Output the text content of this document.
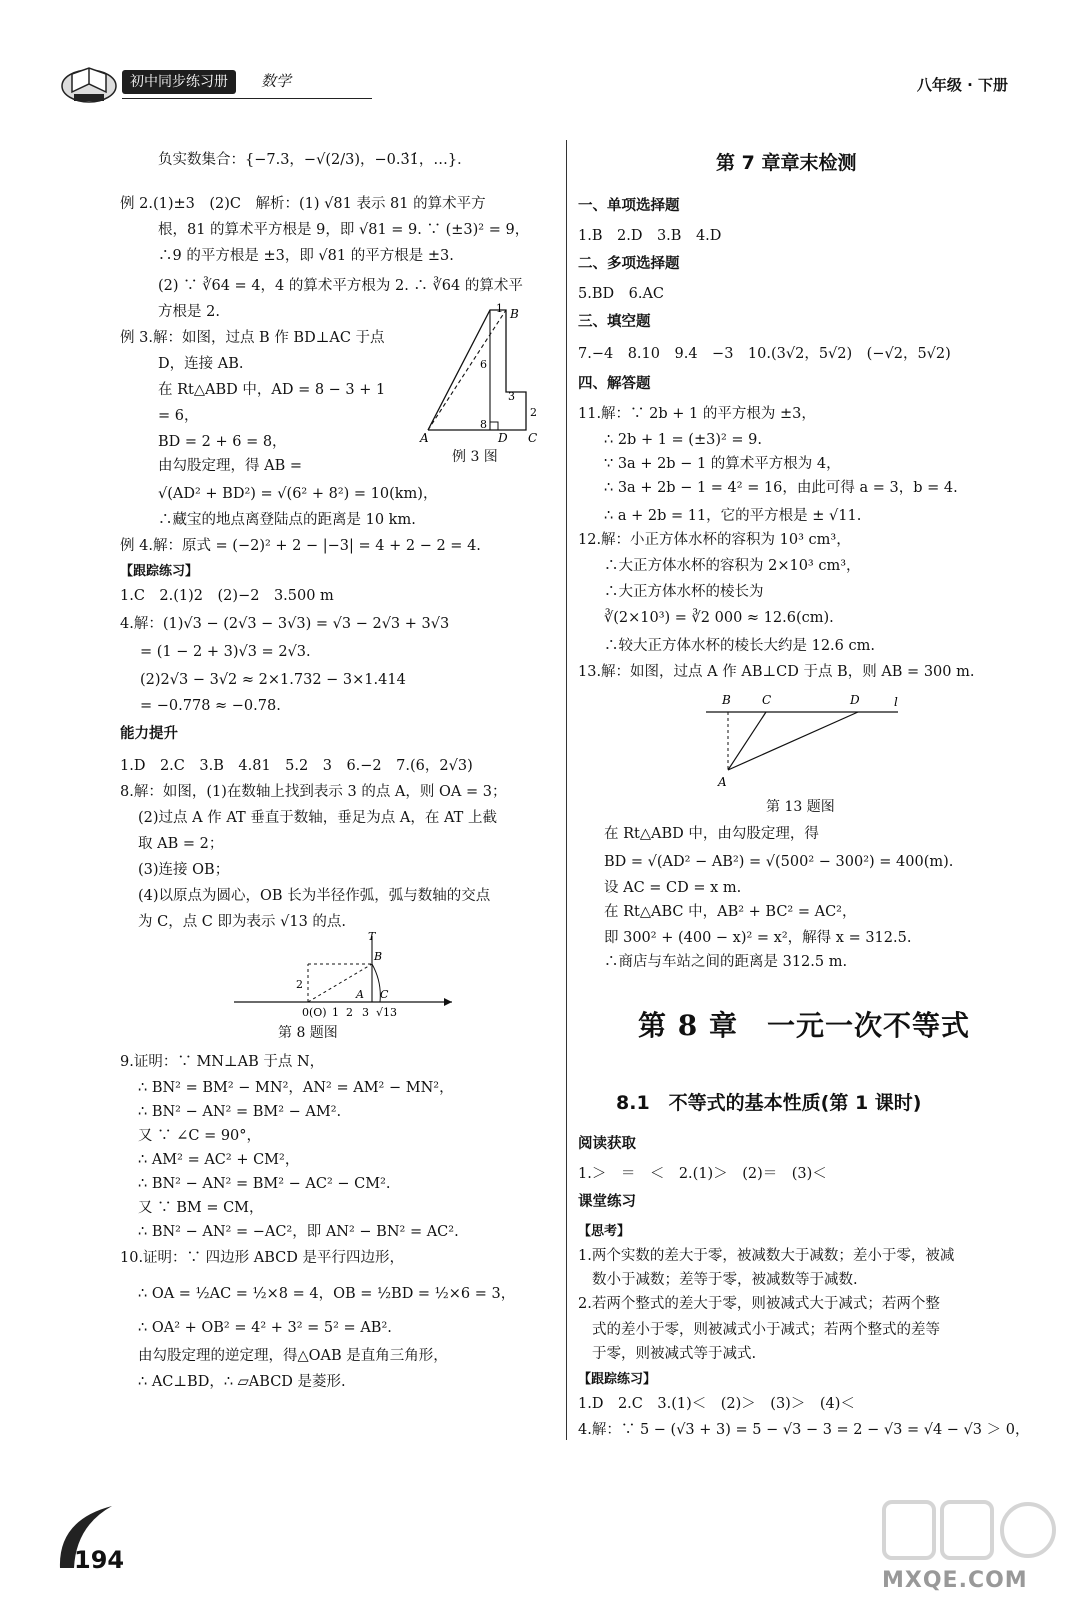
初中同步练习册	数学	八年级 · 下册
负实数集合：{−7.3，−√(2/3)，−0.3̇1̇，…}．
例 2.(1)±3　(2)C　解析：(1) √81 表示 81 的算术平方
根，81 的算术平方根是 9，即 √81 = 9. ∵ (±3)² = 9，
∴9 的平方根是 ±3，即 √81 的平方根是 ±3.
(2) ∵ ∛64 = 4，4 的算术平方根为 2. ∴ ∛64 的算术平
方根是 2.
例 3.解：如图，过点 B 作 BD⊥AC 于点
D，连接 AB.
在 Rt△ABD 中，AD = 8 − 3 + 1
= 6，
BD = 2 + 6 = 8，
由勾股定理，得 AB =
√(AD² + BD²) = √(6² + 8²) = 10(km)，
∴藏宝的地点离登陆点的距离是 10 km.
例 4.解：原式 = (−2)² + 2 − |−3| = 4 + 2 − 2 = 4.
【跟踪练习】
1.C　2.(1)2　(2)−2　3.500 m
4.解：(1)√3 − (2√3 − 3√3) = √3 − 2√3 + 3√3
= (1 − 2 + 3)√3 = 2√3.
(2)2√3 − 3√2 ≈ 2×1.732 − 3×1.414
= −0.778 ≈ −0.78.
能力提升
1.D　2.C　3.B　4.81　5.2　3　6.−2　7.(6，2√3)
8.解：如图，(1)在数轴上找到表示 3 的点 A，则 OA = 3；
(2)过点 A 作 AT 垂直于数轴，垂足为点 A，在 AT 上截
取 AB = 2；
(3)连接 OB；
(4)以原点为圆心，OB 长为半径作弧，弧与数轴的交点
为 C，点 C 即为表示 √13 的点.
9.证明：∵ MN⊥AB 于点 N，
∴ BN² = BM² − MN²，AN² = AM² − MN²，
∴ BN² − AN² = BM² − AM².
又 ∵ ∠C = 90°，
∴ AM² = AC² + CM²，
∴ BN² − AN² = BM² − AC² − CM².
又 ∵ BM = CM，
∴ BN² − AN² = −AC²，即 AN² − BN² = AC².
10.证明：∵ 四边形 ABCD 是平行四边形，
∴ OA = ½AC = ½×8 = 4，OB = ½BD = ½×6 = 3，
∴ OA² + OB² = 4² + 3² = 5² = AB².
由勾股定理的逆定理，得△OAB 是直角三角形，
∴ AC⊥BD，∴ ▱ABCD 是菱形.
B
A	D C
6
3
8
2
1
例 3 图
T
B
2
0(O) 1 2
A
3
C
√13
第 8 题图
第 7 章章末检测
一、单项选择题
1.B　2.D　3.B　4.D
二、多项选择题
5.BD　6.AC
三、填空题
7.−4　8.10　9.4　−3　10.(3√2，5√2)　(−√2，5√2)
四、解答题
11.解：∵ 2b + 1 的平方根为 ±3，
∴ 2b + 1 = (±3)² = 9.
∵ 3a + 2b − 1 的算术平方根为 4，
∴ 3a + 2b − 1 = 4² = 16，由此可得 a = 3，b = 4.
∴ a + 2b = 11，它的平方根是 ± √11.
12.解：小正方体水杯的容积为 10³ cm³，
∴大正方体水杯的容积为 2×10³ cm³，
∴大正方体水杯的棱长为
∛(2×10³) = ∛2 000 ≈ 12.6(cm).
∴较大正方体水杯的棱长大约是 12.6 cm.
13.解：如图，过点 A 作 AB⊥CD 于点 B，则 AB = 300 m.
B	C	D	l
A
第 13 题图
在 Rt△ABD 中，由勾股定理，得
BD = √(AD² − AB²) = √(500² − 300²) = 400(m).
设 AC = CD = x m.
在 Rt△ABC 中，AB² + BC² = AC²，
即 300² + (400 − x)² = x²，解得 x = 312.5.
∴商店与车站之间的距离是 312.5 m.
第 8 章　一元一次不等式
8.1　不等式的基本性质(第 1 课时)
阅读获取
1.＞　＝　＜　2.(1)＞　(2)＝　(3)＜
课堂练习
【思考】
1.两个实数的差大于零，被减数大于减数；差小于零，被减
数小于减数；差等于零，被减数等于减数.
2.若两个整式的差大于零，则被减式大于减式；若两个整
式的差小于零，则被减式小于减式；若两个整式的差等
于零，则被减式等于减式.
【跟踪练习】
1.D　2.C　3.(1)＜　(2)＞　(3)＞　(4)＜
4.解：∵ 5 − (√3 + 3) = 5 − √3 − 3 = 2 − √3 = √4 − √3 ＞ 0，
194
MXQE.COM
